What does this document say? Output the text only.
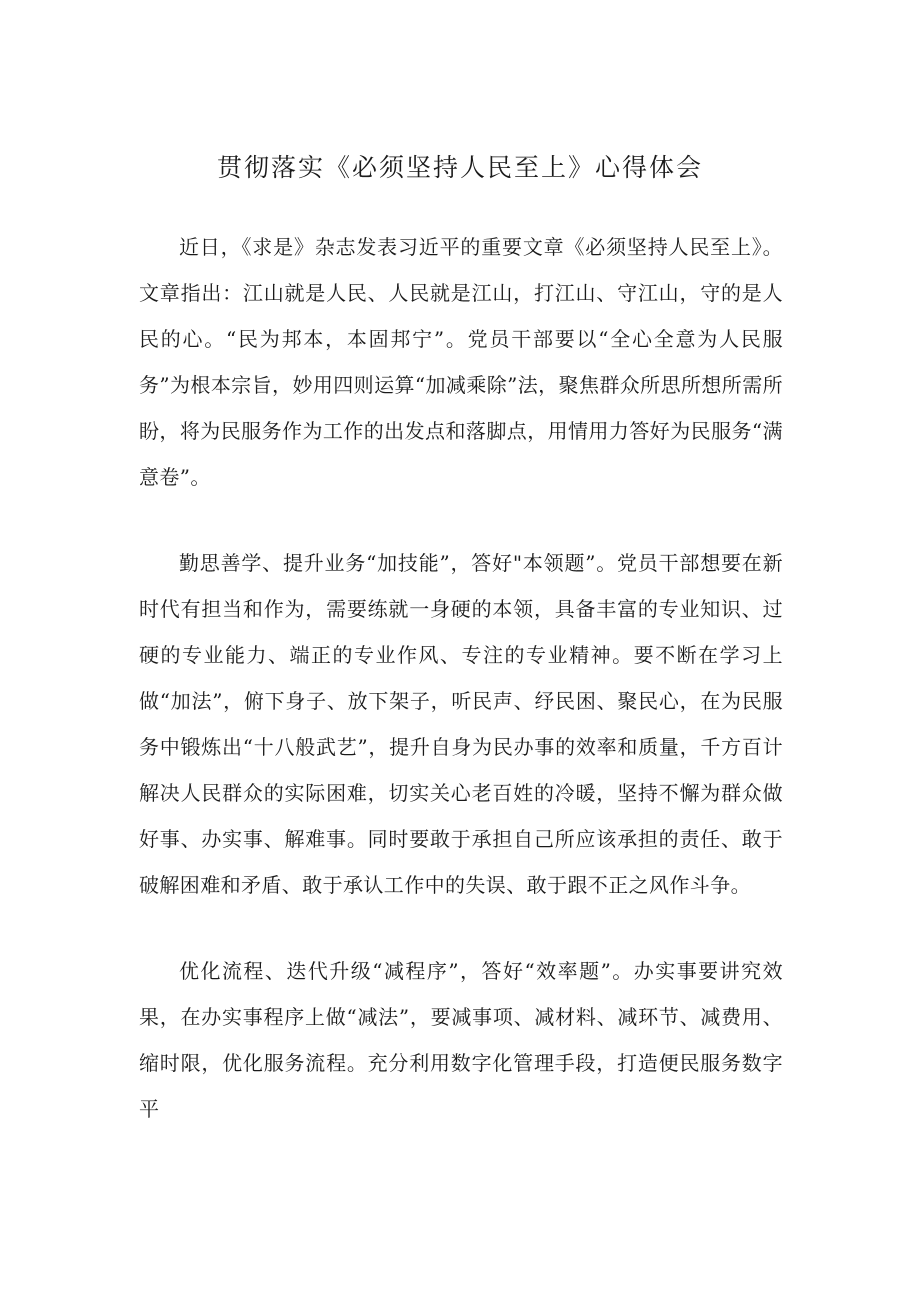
贯彻落实《必须坚持人民至上》心得体会

近日，《求是》杂志发表习近平的重要文章《必须坚持人民至上》。文章指出：江山就是人民、人民就是江山，打江山、守江山，守的是人民的心。“民为邦本，本固邦宁”。党员干部要以“全心全意为人民服务”为根本宗旨，妙用四则运算“加减乘除”法，聚焦群众所思所想所需所盼，将为民服务作为工作的出发点和落脚点，用情用力答好为民服务“满意卷”。

勤思善学、提升业务“加技能”，答好"本领题”。党员干部想要在新时代有担当和作为，需要练就一身硬的本领，具备丰富的专业知识、过硬的专业能力、端正的专业作风、专注的专业精神。要不断在学习上做“加法”，俯下身子、放下架子，听民声、纾民困、聚民心，在为民服务中锻炼出“十八般武艺”，提升自身为民办事的效率和质量，千方百计解决人民群众的实际困难，切实关心老百姓的冷暖，坚持不懈为群众做好事、办实事、解难事。同时要敢于承担自己所应该承担的责任、敢于破解困难和矛盾、敢于承认工作中的失误、敢于跟不正之风作斗争。

优化流程、迭代升级“减程序”，答好“效率题”。办实事要讲究效果，在办实事程序上做“减法”，要减事项、减材料、减环节、减费用、缩时限，优化服务流程。充分利用数字化管理手段，打造便民服务数字平
